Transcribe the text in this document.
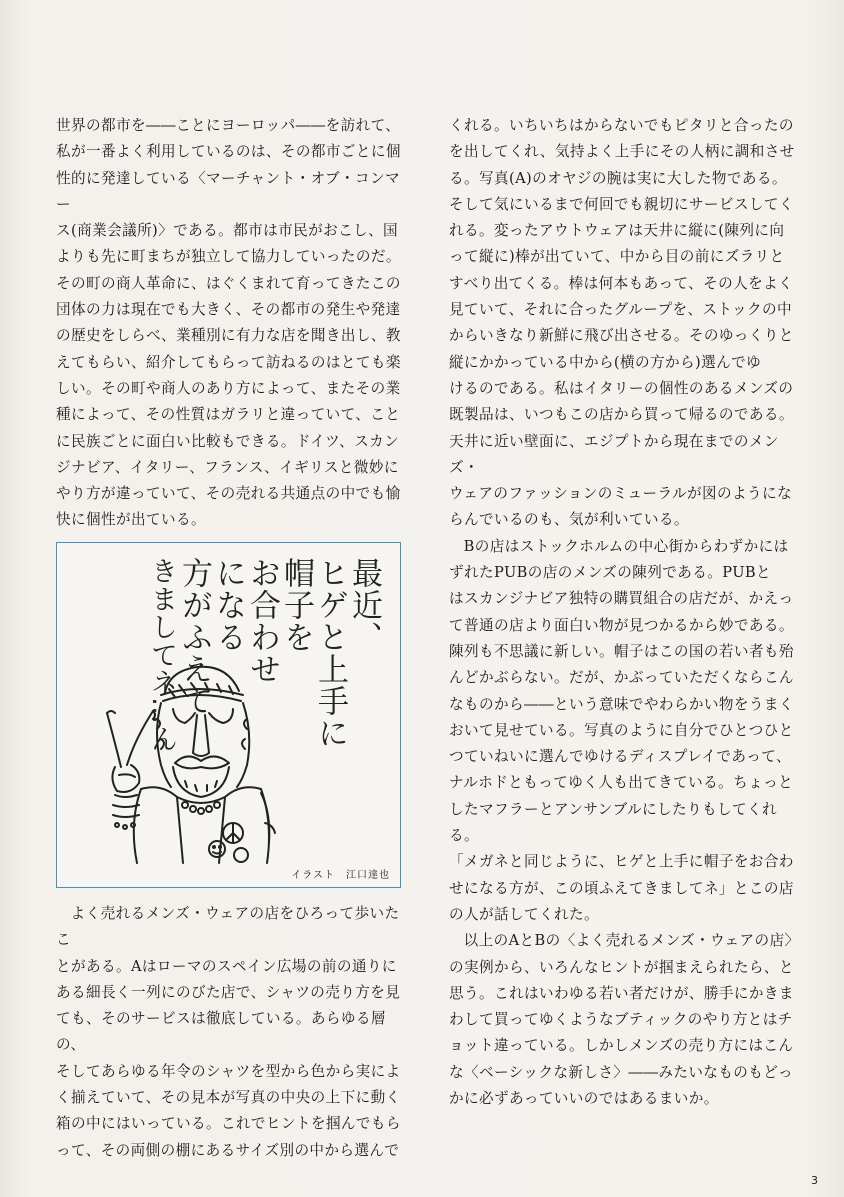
世界の都市を――ことにヨーロッパ――を訪れて、
私が一番よく利用しているのは、その都市ごとに個
性的に発達している〈マーチャント・オブ・コンマー
ス(商業会議所)〉である。都市は市民がおこし、国
よりも先に町まちが独立して協力していったのだ。
その町の商人革命に、はぐくまれて育ってきたこの
団体の力は現在でも大きく、その都市の発生や発達
の歴史をしらべ、業種別に有力な店を聞き出し、教
えてもらい、紹介してもらって訪ねるのはとても楽
しい。その町や商人のあり方によって、またその業
種によって、その性質はガラリと違っていて、こと
に民族ごとに面白い比較もできる。ドイツ、スカン
ジナビア、イタリー、フランス、イギリスと微妙に
やり方が違っていて、その売れる共通点の中でも愉
快に個性が出ている。

最近、
ヒゲと上手に
帽子を
お合わせ
になる
方がふえて
きましてネ…ん
イラスト　江口達也

よく売れるメンズ・ウェアの店をひろって歩いたこ
とがある。Aはローマのスペイン広場の前の通りに
ある細長く一列にのびた店で、シャツの売り方を見
ても、そのサービスは徹底している。あらゆる層の、
そしてあらゆる年令のシャツを型から色から実によ
く揃えていて、その見本が写真の中央の上下に動く
箱の中にはいっている。これでヒントを掴んでもら
って、その両側の棚にあるサイズ別の中から選んで

くれる。いちいちはからないでもピタリと合ったの
を出してくれ、気持よく上手にその人柄に調和させ
る。写真(A)のオヤジの腕は実に大した物である。
そして気にいるまで何回でも親切にサービスしてく
れる。変ったアウトウェアは天井に縦に(陳列に向
って縦に)棒が出ていて、中から目の前にズラリと
すべり出てくる。棒は何本もあって、その人をよく
見ていて、それに合ったグループを、ストックの中
からいきなり新鮮に飛び出させる。そのゆっくりと
縦にかかっている中から(横の方から)選んでゆ
けるのである。私はイタリーの個性のあるメンズの
既製品は、いつもこの店から買って帰るのである。
天井に近い壁面に、エジプトから現在までのメンズ・
ウェアのファッションのミューラルが図のようにな
らんでいるのも、気が利いている。

Bの店はストックホルムの中心街からわずかには
ずれたPUBの店のメンズの陳列である。PUBと
はスカンジナビア独特の購買組合の店だが、かえっ
て普通の店より面白い物が見つかるから妙である。
陳列も不思議に新しい。帽子はこの国の若い者も殆
んどかぶらない。だが、かぶっていただくならこん
なものから――という意味でやわらかい物をうまく
おいて見せている。写真のように自分でひとつひと
つていねいに選んでゆけるディスプレイであって、
ナルホドともってゆく人も出てきている。ちょっと
したマフラーとアンサンブルにしたりもしてくれる。
「メガネと同じように、ヒゲと上手に帽子をお合わ
せになる方が、この頃ふえてきましてネ」とこの店
の人が話してくれた。

以上のAとBの〈よく売れるメンズ・ウェアの店〉
の実例から、いろんなヒントが掴まえられたら、と
思う。これはいわゆる若い者だけが、勝手にかきま
わして買ってゆくようなブティックのやり方とはチ
ョット違っている。しかしメンズの売り方にはこん
な〈ベーシックな新しさ〉――みたいなものもどっ
かに必ずあっていいのではあるまいか。

3
